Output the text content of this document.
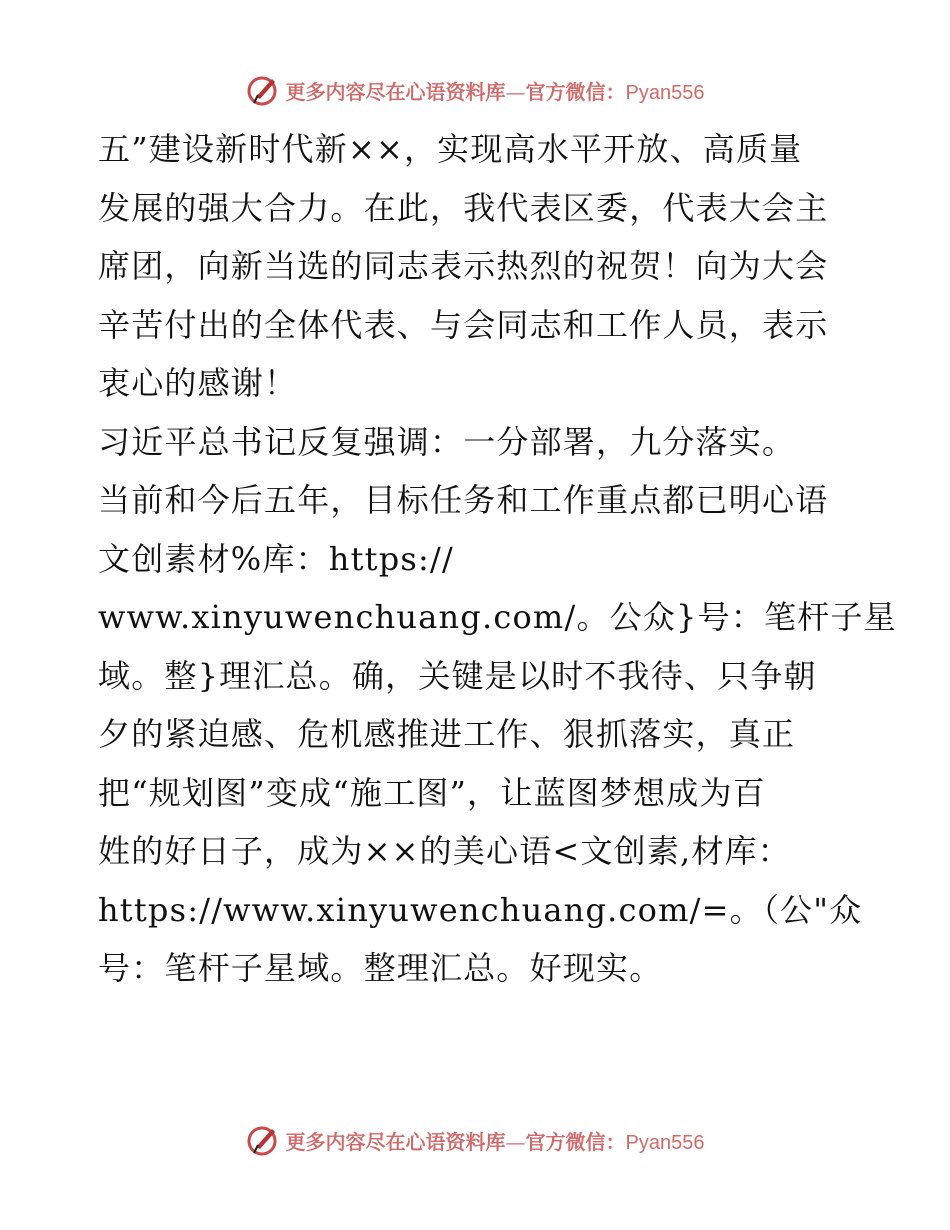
更多内容尽在心语资料库—官方微信：Pyan556

五”建设新时代新××，实现高水平开放、高质量
发展的强大合力。在此，我代表区委，代表大会主
席团，向新当选的同志表示热烈的祝贺！向为大会
辛苦付出的全体代表、与会同志和工作人员，表示
衷心的感谢！

习近平总书记反复强调：一分部署，九分落实。
当前和今后五年，目标任务和工作重点都已明心语
文创素材%库：https://
www.xinyuwenchuang.com/。公众}号：笔杆子星
域。整}理汇总。确，关键是以时不我待、只争朝
夕的紧迫感、危机感推进工作、狠抓落实，真正
把“规划图”变成“施工图”，让蓝图梦想成为百
姓的好日子，成为××的美心语<文创素,材库：
https://www.xinyuwenchuang.com/=。（公"众
号：笔杆子星域。整理汇总。好现实。

更多内容尽在心语资料库—官方微信：Pyan556
